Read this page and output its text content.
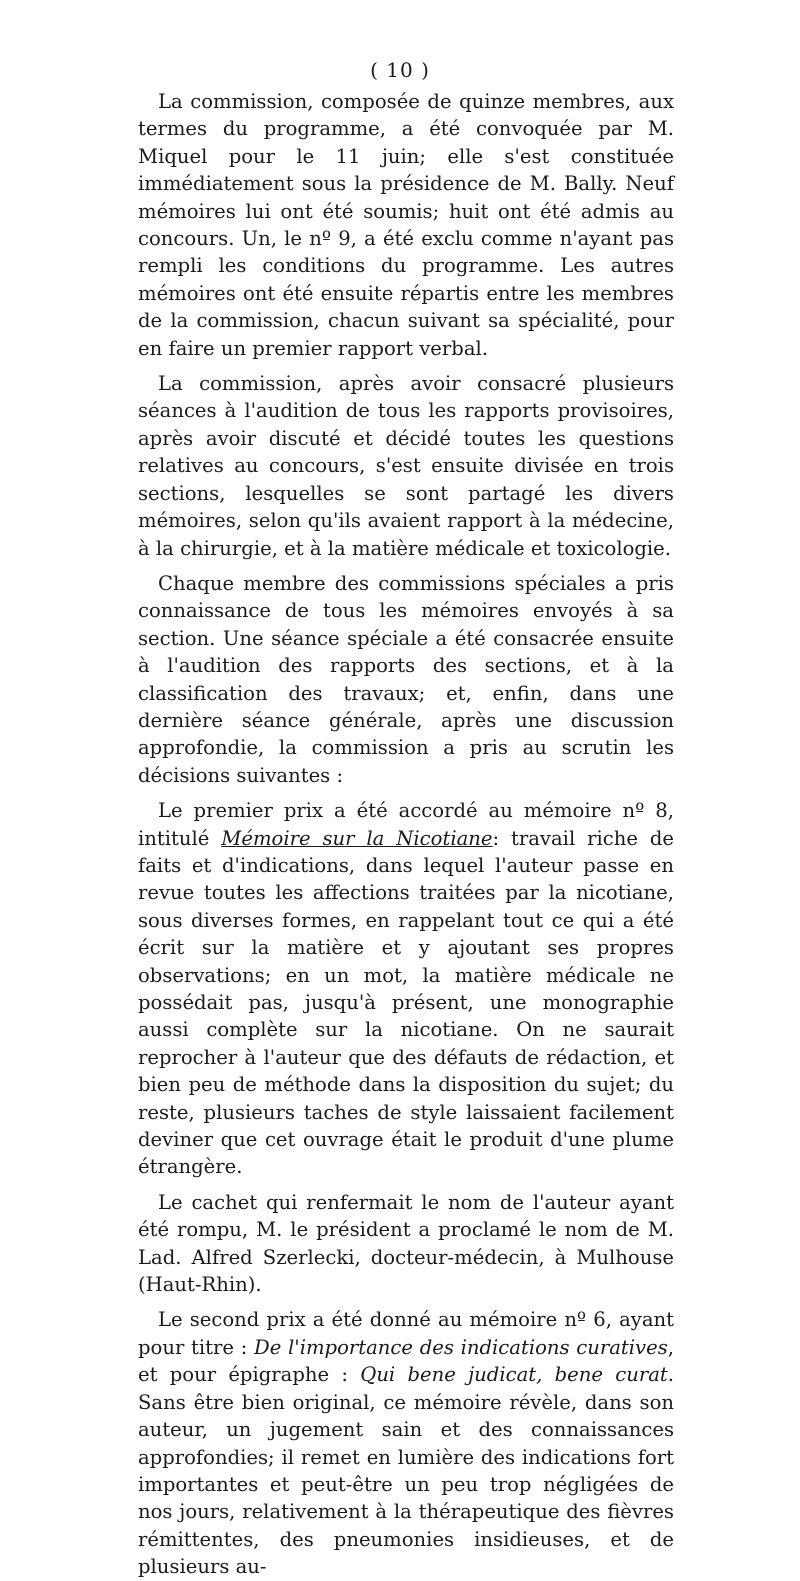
( 10 )

La commission, composée de quinze membres, aux termes du programme, a été convoquée par M. Miquel pour le 11 juin; elle s'est constituée immédiatement sous la présidence de M. Bally. Neuf mémoires lui ont été soumis; huit ont été admis au concours. Un, le nº 9, a été exclu comme n'ayant pas rempli les conditions du programme. Les autres mémoires ont été ensuite répartis entre les membres de la commission, chacun suivant sa spécialité, pour en faire un premier rapport verbal.

La commission, après avoir consacré plusieurs séances à l'audition de tous les rapports provisoires, après avoir discuté et décidé toutes les questions relatives au concours, s'est ensuite divisée en trois sections, lesquelles se sont partagé les divers mémoires, selon qu'ils avaient rapport à la médecine, à la chirurgie, et à la matière médicale et toxicologie.

Chaque membre des commissions spéciales a pris connaissance de tous les mémoires envoyés à sa section. Une séance spéciale a été consacrée ensuite à l'audition des rapports des sections, et à la classification des travaux; et, enfin, dans une dernière séance générale, après une discussion approfondie, la commission a pris au scrutin les décisions suivantes :

Le premier prix a été accordé au mémoire nº 8, intitulé Mémoire sur la Nicotiane: travail riche de faits et d'indications, dans lequel l'auteur passe en revue toutes les affections traitées par la nicotiane, sous diverses formes, en rappelant tout ce qui a été écrit sur la matière et y ajoutant ses propres observations; en un mot, la matière médicale ne possédait pas, jusqu'à présent, une monographie aussi complète sur la nicotiane. On ne saurait reprocher à l'auteur que des défauts de rédaction, et bien peu de méthode dans la disposition du sujet; du reste, plusieurs taches de style laissaient facilement deviner que cet ouvrage était le produit d'une plume étrangère.

Le cachet qui renfermait le nom de l'auteur ayant été rompu, M. le président a proclamé le nom de M. Lad. Alfred Szerlecki, docteur-médecin, à Mulhouse (Haut-Rhin).

Le second prix a été donné au mémoire nº 6, ayant pour titre : De l'importance des indications curatives, et pour épigraphe : Qui bene judicat, bene curat. Sans être bien original, ce mémoire révèle, dans son auteur, un jugement sain et des connaissances approfondies; il remet en lumière des indications fort importantes et peut-être un peu trop négligées de nos jours, relativement à la thérapeutique des fièvres rémittentes, des pneumonies insidieuses, et de plusieurs au-
